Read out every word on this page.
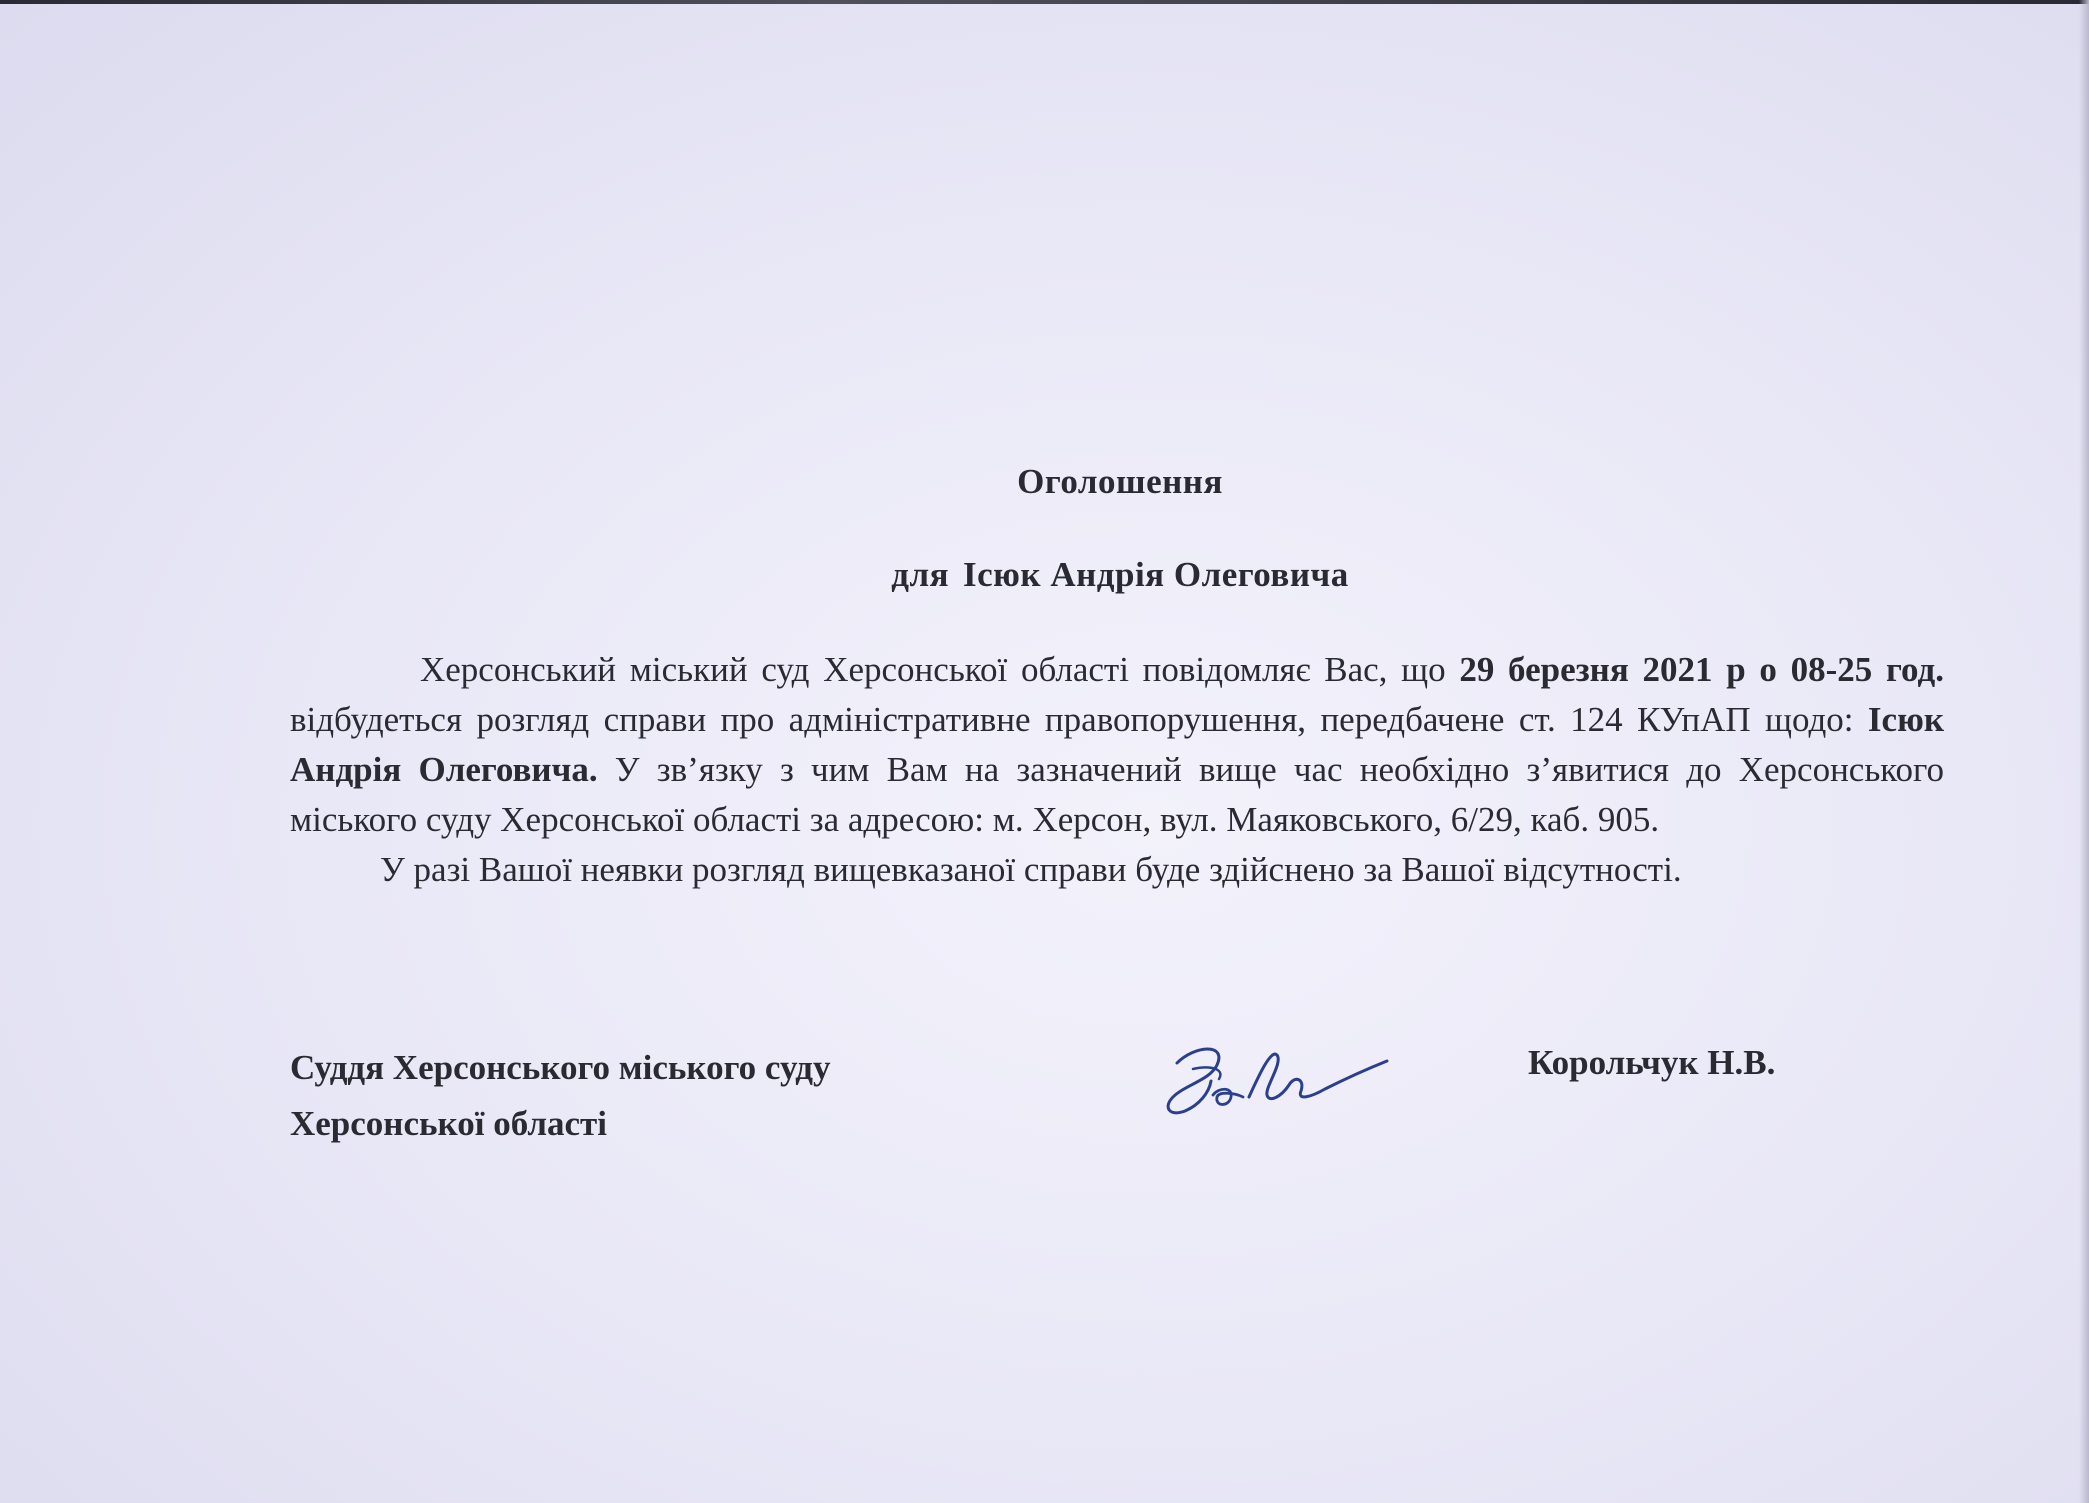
Оголошення
для Ісюк Андрія Олеговича

Херсонський міський суд Херсонської області повідомляє Вас, що 29 березня 2021 р о 08-25 год. відбудеться розгляд справи про адміністративне правопорушення, передбачене ст. 124 КУпАП щодо: Ісюк Андрія Олеговича. У зв’язку з чим Вам на зазначений вище час необхідно з’явитися до Херсонського міського суду Херсонської області за адресою: м. Херсон, вул. Маяковського, 6/29, каб. 905.

У разі Вашої неявки розгляд вищевказаної справи буде здійснено за Вашої відсутності.

Суддя Херсонського міського суду
Херсонської області
Корольчук Н.В.
